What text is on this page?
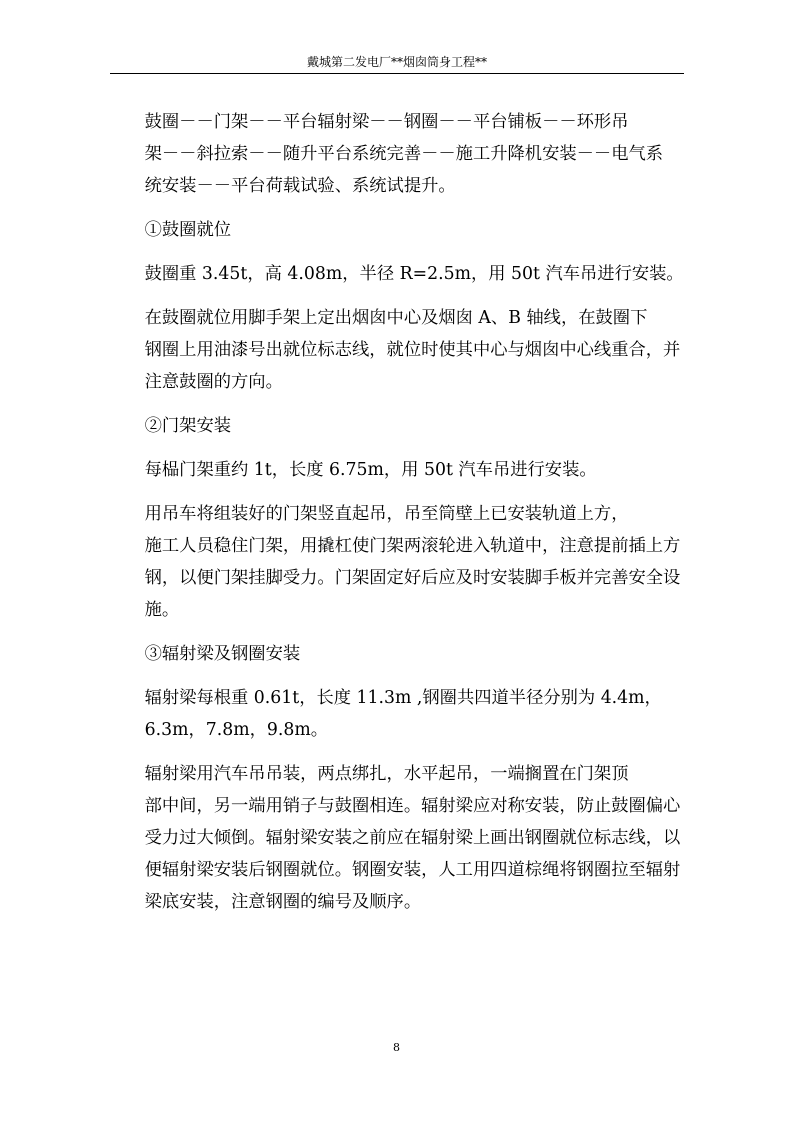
戴城第二发电厂**烟囱筒身工程**

鼓圈－－门架－－平台辐射梁－－钢圈－－平台铺板－－环形吊
架－－斜拉索－－随升平台系统完善－－施工升降机安装－－电气系
统安装－－平台荷载试验、系统试提升。

①鼓圈就位

鼓圈重 3.45t，高 4.08m，半径 R=2.5m，用 50t 汽车吊进行安装。

在鼓圈就位用脚手架上定出烟囱中心及烟囱 A、B 轴线，在鼓圈下
钢圈上用油漆号出就位标志线，就位时使其中心与烟囱中心线重合，并
注意鼓圈的方向。

②门架安装

每榀门架重约 1t，长度 6.75m，用 50t 汽车吊进行安装。

用吊车将组装好的门架竖直起吊，吊至筒壁上已安装轨道上方，
施工人员稳住门架，用撬杠使门架两滚轮进入轨道中，注意提前插上方
钢，以便门架挂脚受力。门架固定好后应及时安装脚手板并完善安全设
施。

③辐射梁及钢圈安装

辐射梁每根重 0.61t，长度 11.3m ,钢圈共四道半径分别为 4.4m，
6.3m，7.8m，9.8m。

辐射梁用汽车吊吊装，两点绑扎，水平起吊，一端搁置在门架顶
部中间，另一端用销子与鼓圈相连。辐射梁应对称安装，防止鼓圈偏心
受力过大倾倒。辐射梁安装之前应在辐射梁上画出钢圈就位标志线，以
便辐射梁安装后钢圈就位。钢圈安装，人工用四道棕绳将钢圈拉至辐射
梁底安装，注意钢圈的编号及顺序。

8
